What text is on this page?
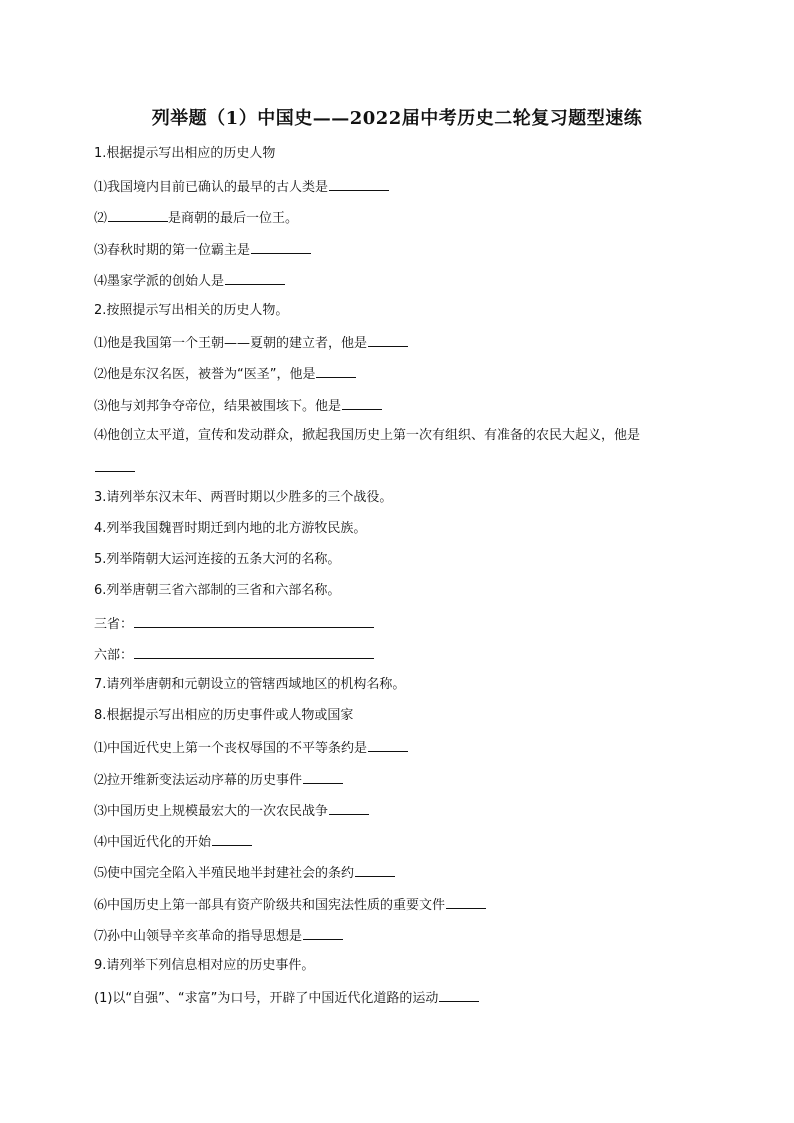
列举题（1）中国史——2022届中考历史二轮复习题型速练
1.根据提示写出相应的历史人物
⑴我国境内目前已确认的最早的古人类是
⑵	是商朝的最后一位王。
⑶春秋时期的第一位霸主是
⑷墨家学派的创始人是
2.按照提示写出相关的历史人物。
⑴他是我国第一个王朝——夏朝的建立者，他是
⑵他是东汉名医，被誉为“医圣”，他是
⑶他与刘邦争夺帝位，结果被围垓下。他是
⑷他创立太平道，宣传和发动群众，掀起我国历史上第一次有组织、有准备的农民大起义，他是
3.请列举东汉末年、两晋时期以少胜多的三个战役。
4.列举我国魏晋时期迁到内地的北方游牧民族。
5.列举隋朝大运河连接的五条大河的名称。
6.列举唐朝三省六部制的三省和六部名称。
三省：
六部：
7.请列举唐朝和元朝设立的管辖西域地区的机构名称。
8.根据提示写出相应的历史事件或人物或国家
⑴中国近代史上第一个丧权辱国的不平等条约是
⑵拉开维新变法运动序幕的历史事件
⑶中国历史上规模最宏大的一次农民战争
⑷中国近代化的开始
⑸使中国完全陷入半殖民地半封建社会的条约
⑹中国历史上第一部具有资产阶级共和国宪法性质的重要文件
⑺孙中山领导辛亥革命的指导思想是
9.请列举下列信息相对应的历史事件。
(1)以“自强”、“求富”为口号，开辟了中国近代化道路的运动
